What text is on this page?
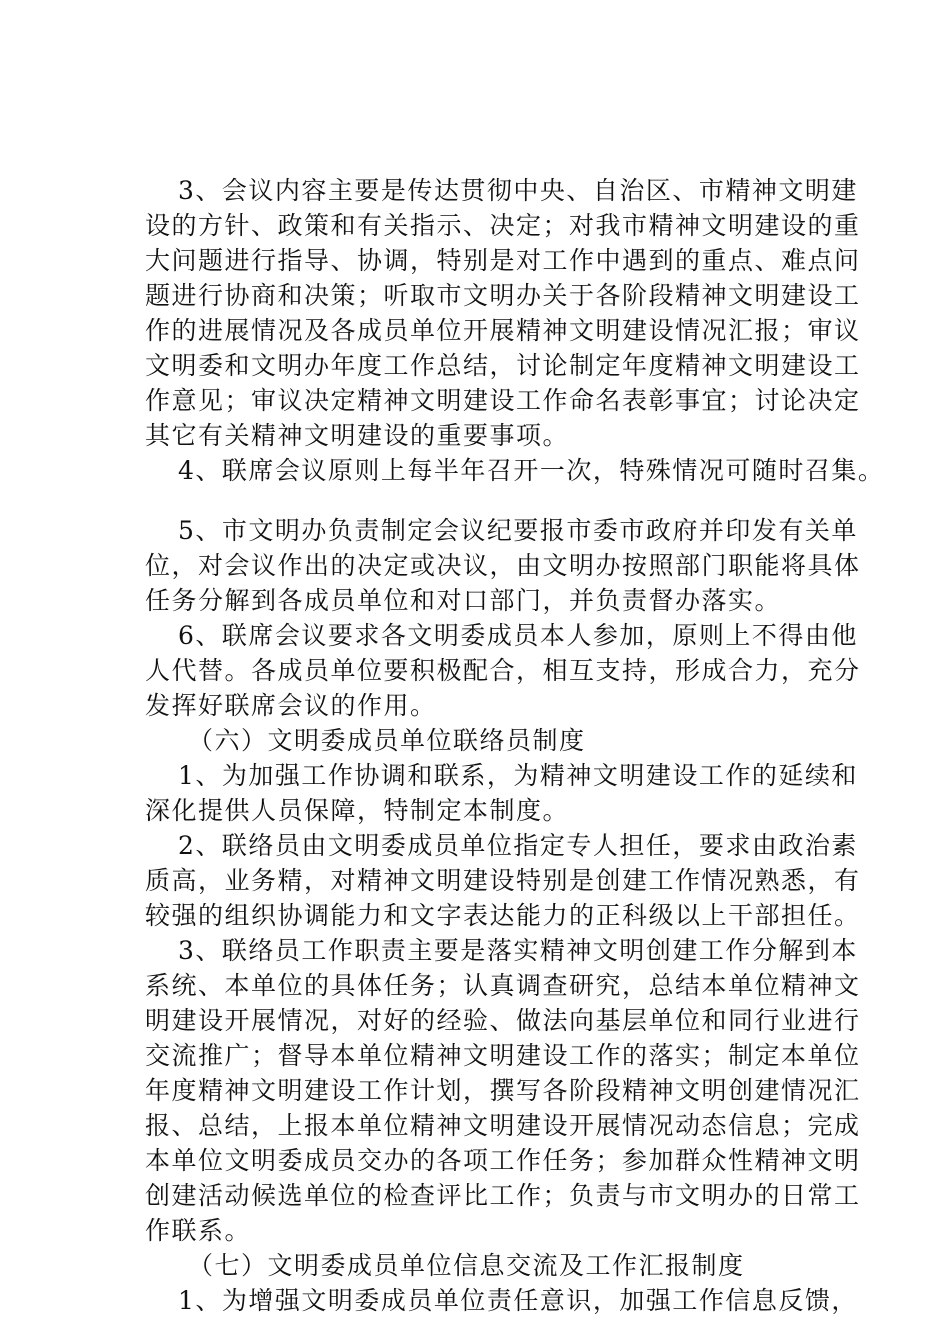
3、会议内容主要是传达贯彻中央、自治区、市精神文明建
设的方针、政策和有关指示、决定；对我市精神文明建设的重
大问题进行指导、协调，特别是对工作中遇到的重点、难点问
题进行协商和决策；听取市文明办关于各阶段精神文明建设工
作的进展情况及各成员单位开展精神文明建设情况汇报；审议
文明委和文明办年度工作总结，讨论制定年度精神文明建设工
作意见；审议决定精神文明建设工作命名表彰事宜；讨论决定
其它有关精神文明建设的重要事项。
4、联席会议原则上每半年召开一次，特殊情况可随时召集。
5、市文明办负责制定会议纪要报市委市政府并印发有关单
位，对会议作出的决定或决议，由文明办按照部门职能将具体
任务分解到各成员单位和对口部门，并负责督办落实。
6、联席会议要求各文明委成员本人参加，原则上不得由他
人代替。各成员单位要积极配合，相互支持，形成合力，充分
发挥好联席会议的作用。
（六）文明委成员单位联络员制度
1、为加强工作协调和联系，为精神文明建设工作的延续和
深化提供人员保障，特制定本制度。
2、联络员由文明委成员单位指定专人担任，要求由政治素
质高，业务精，对精神文明建设特别是创建工作情况熟悉，有
较强的组织协调能力和文字表达能力的正科级以上干部担任。
3、联络员工作职责主要是落实精神文明创建工作分解到本
系统、本单位的具体任务；认真调查研究，总结本单位精神文
明建设开展情况，对好的经验、做法向基层单位和同行业进行
交流推广；督导本单位精神文明建设工作的落实；制定本单位
年度精神文明建设工作计划，撰写各阶段精神文明创建情况汇
报、总结，上报本单位精神文明建设开展情况动态信息；完成
本单位文明委成员交办的各项工作任务；参加群众性精神文明
创建活动候选单位的检查评比工作；负责与市文明办的日常工
作联系。
（七）文明委成员单位信息交流及工作汇报制度
1、为增强文明委成员单位责任意识，加强工作信息反馈，
